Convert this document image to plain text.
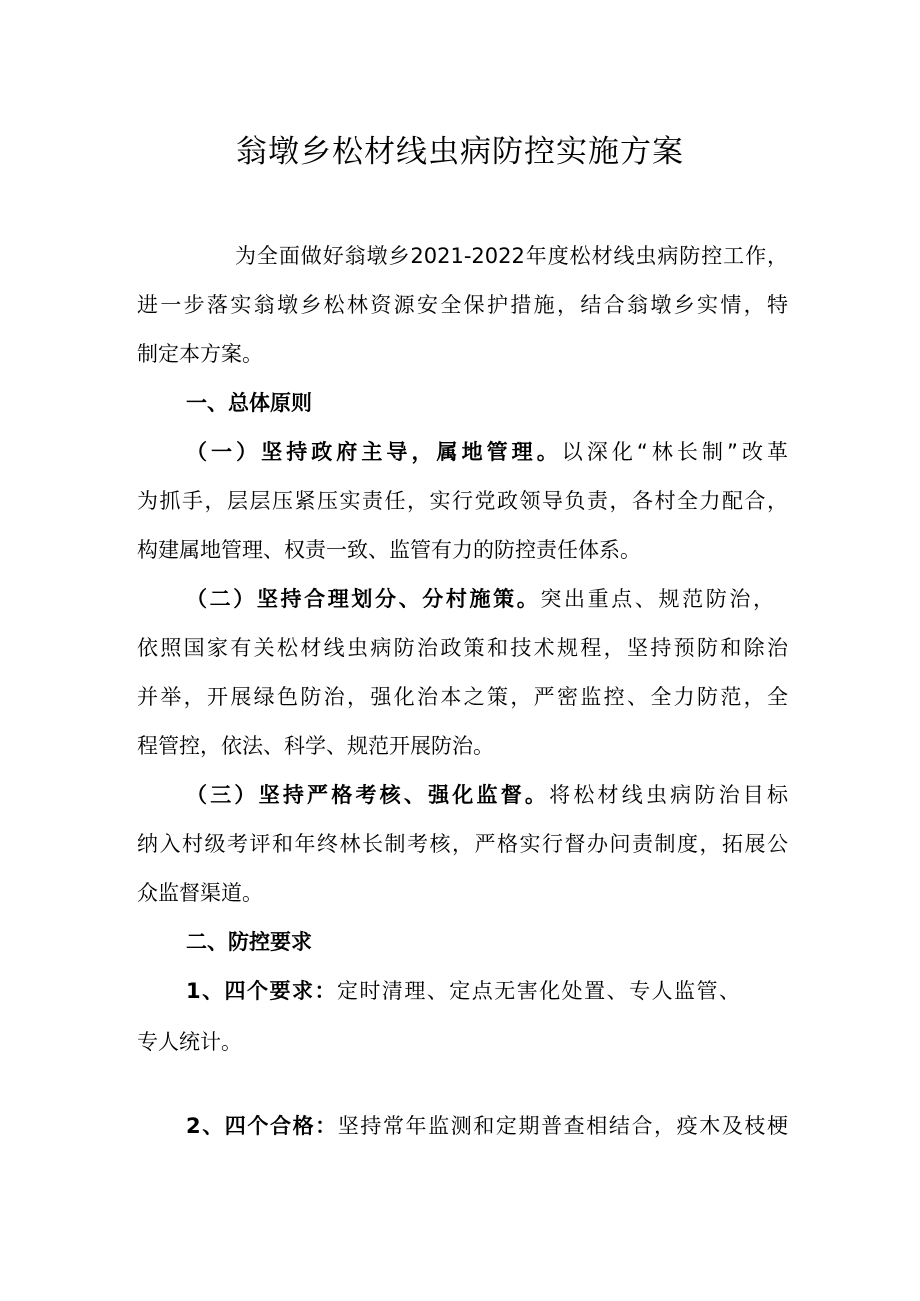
翁墩乡松材线虫病防控实施方案
为全面做好翁墩乡2021-2022年度松材线虫病防控工作，
进一步落实翁墩乡松林资源安全保护措施，结合翁墩乡实情，特
制定本方案。
一、总体原则
（一）坚持政府主导，属地管理。以深化“林长制”改革
为抓手，层层压紧压实责任，实行党政领导负责，各村全力配合，
构建属地管理、权责一致、监管有力的防控责任体系。
（二）坚持合理划分、分村施策。突出重点、规范防治，
依照国家有关松材线虫病防治政策和技术规程，坚持预防和除治
并举，开展绿色防治，强化治本之策，严密监控、全力防范，全
程管控，依法、科学、规范开展防治。
（三）坚持严格考核、强化监督。将松材线虫病防治目标
纳入村级考评和年终林长制考核，严格实行督办问责制度，拓展公
众监督渠道。
二、防控要求
1、四个要求：定时清理、定点无害化处置、专人监管、
专人统计。
2、四个合格：坚持常年监测和定期普查相结合，疫木及枝梗
